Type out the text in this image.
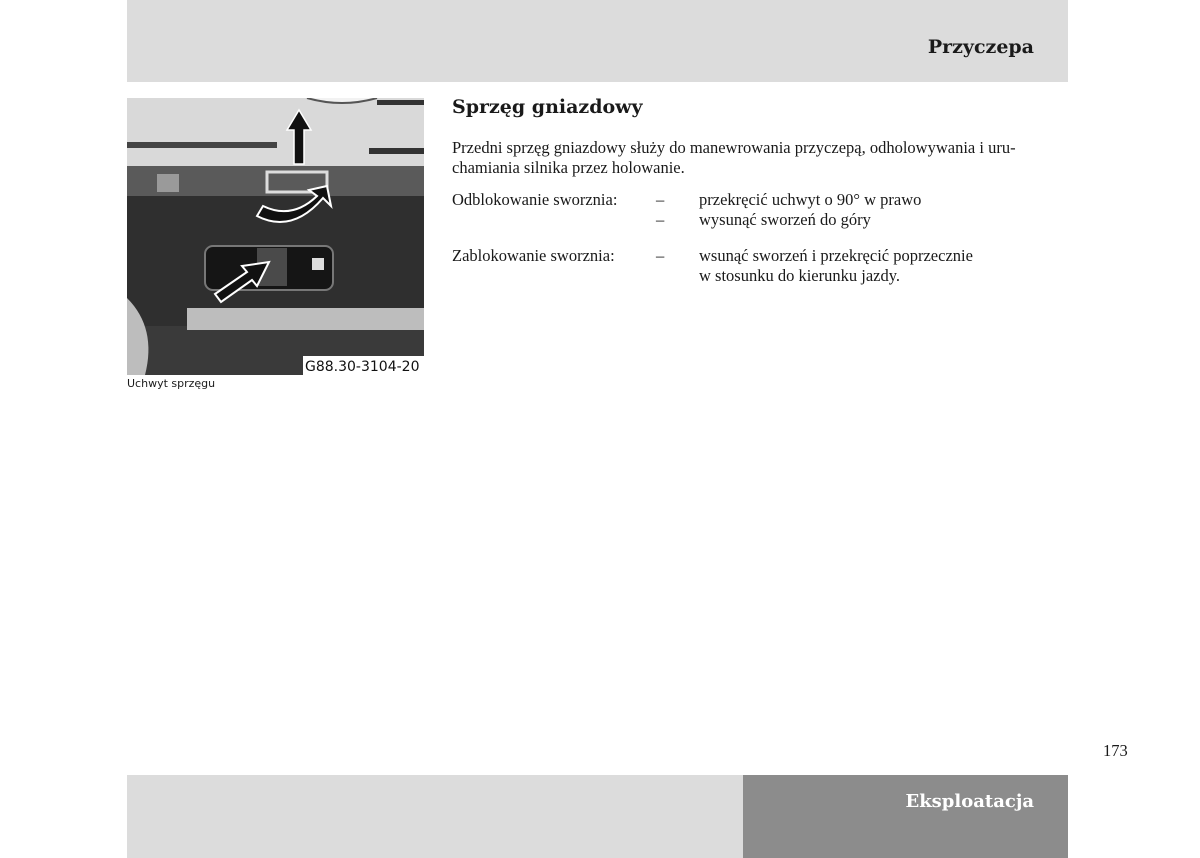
Przyczepa
G88.30-3104-20
Uchwyt sprzęgu
Sprzęg gniazdowy

Przedni sprzęg gniazdowy służy do manewrowania przyczepą, odholowywania i uru-
chamiania silnika przez holowanie.

Odblokowanie sworznia: – przekręcić uchwyt o 90° w prawo
– wysunąć sworzeń do góry
Zablokowanie sworznia:	– wsunąć sworzeń i przekręcić poprzecznie
w stosunku do kierunku jazdy.
173
Eksploatacja
